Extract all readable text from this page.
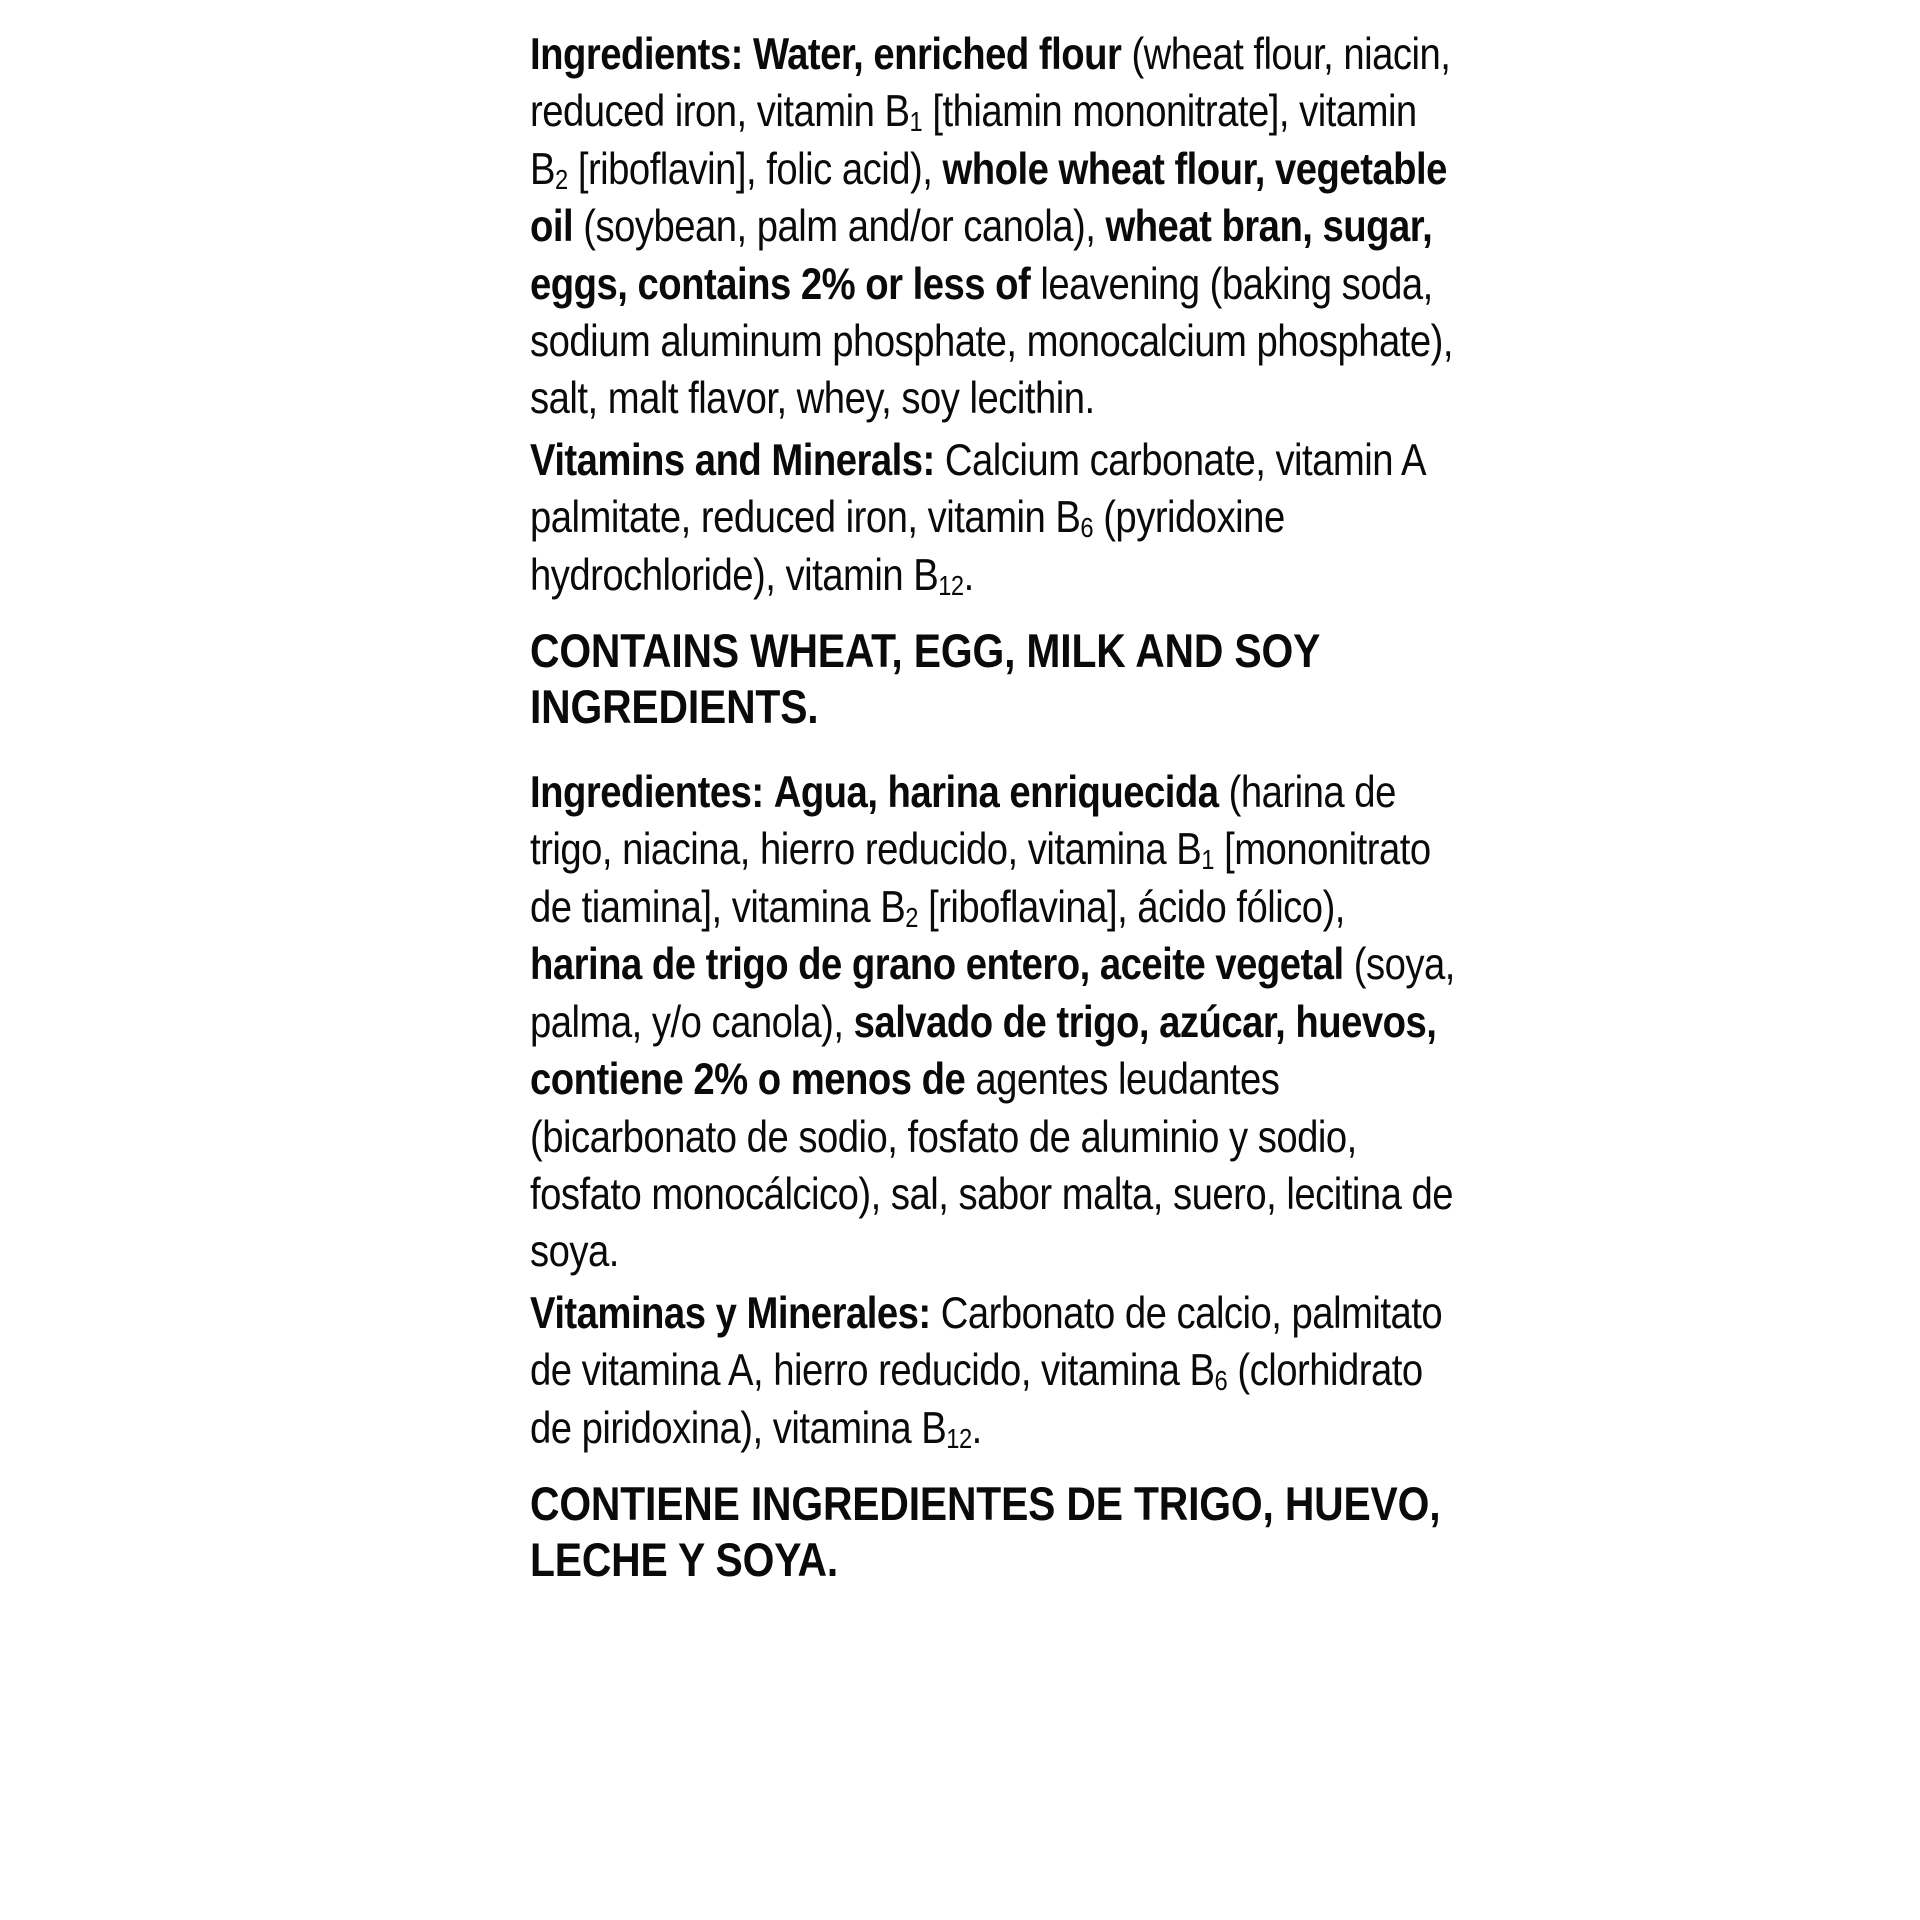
Ingredients: Water, enriched flour (wheat flour, niacin, reduced iron, vitamin $B_1$ [thiamin mononitrate], vitamin $B_2$ [riboflavin], folic acid), whole wheat flour, vegetable oil (soybean, palm and/or canola), wheat bran, sugar, eggs, contains 2% or less of leavening (baking soda, sodium aluminum phosphate, monocalcium phosphate), salt, malt flavor, whey, soy lecithin.

Vitamins and Minerals: Calcium carbonate, vitamin A palmitate, reduced iron, vitamin $B_6$ (pyridoxine hydrochloride), vitamin $B_{12}$.

CONTAINS WHEAT, EGG, MILK AND SOY INGREDIENTS.

Ingredientes: Agua, harina enriquecida (harina de trigo, niacina, hierro reducido, vitamina $B_1$ [mononitrato de tiamina], vitamina $B_2$ [riboflavina], ácido fólico), harina de trigo de grano entero, aceite vegetal (soya, palma, y/o canola), salvado de trigo, azúcar, huevos, contiene 2% o menos de agentes leudantes (bicarbonato de sodio, fosfato de aluminio y sodio, fosfato monocálcico), sal, sabor malta, suero, lecitina de soya.

Vitaminas y Minerales: Carbonato de calcio, palmitato de vitamina A, hierro reducido, vitamina $B_6$ (clorhidrato de piridoxina), vitamina $B_{12}$.

CONTIENE INGREDIENTES DE TRIGO, HUEVO, LECHE Y SOYA.
